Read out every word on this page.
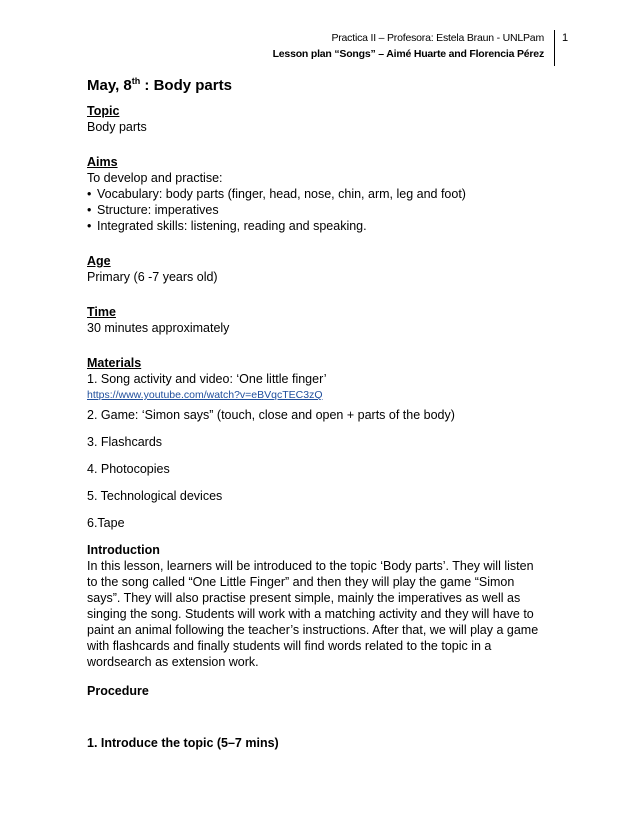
Practica II – Profesora: Estela Braun - UNLPam
Lesson plan “Songs” – Aimé Huarte and Florencia Pérez
1
May, 8th : Body parts
Topic
Body parts
Aims
To develop and practise:
• Vocabulary: body parts (finger, head, nose, chin, arm, leg and foot)
• Structure: imperatives
• Integrated skills: listening, reading and speaking.
Age
Primary (6 -7 years old)
Time
30 minutes approximately
Materials
1. Song activity and video: ‘One little finger’
https://www.youtube.com/watch?v=eBVqcTEC3zQ
2. Game: ‘Simon says” (touch, close and open + parts of the body)
3. Flashcards
4. Photocopies
5. Technological devices
6.Tape
Introduction
In this lesson, learners will be introduced to the topic ‘Body parts’. They will listen
to the song called “One Little Finger” and then they will play the game “Simon
says”. They will also practise present simple, mainly the imperatives as well as
singing the song. Students will work with a matching activity and they will have to
paint an animal following the teacher’s instructions. After that, we will play a game
with flashcards and finally students will find words related to the topic in a
wordsearch as extension work.
Procedure
1. Introduce the topic (5–7 mins)
